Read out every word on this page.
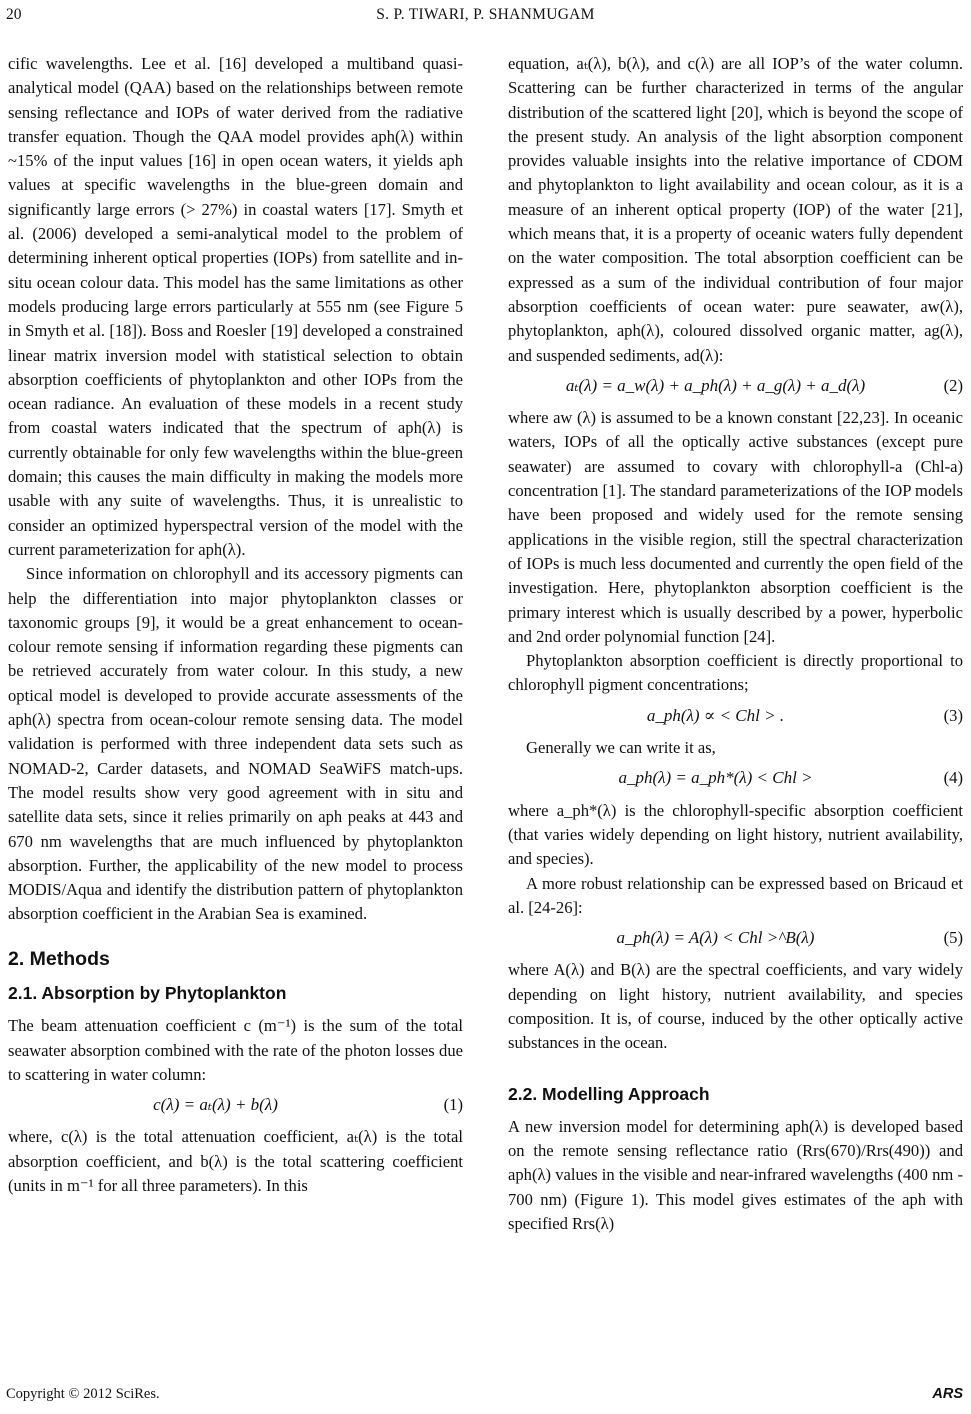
20	S. P. TIWARI, P. SHANMUGAM

cific wavelengths. Lee et al. [16] developed a multiband quasi-analytical model (QAA) based on the relationships between remote sensing reflectance and IOPs of water derived from the radiative transfer equation. Though the QAA model provides aph(λ) within ~15% of the input values [16] in open ocean waters, it yields aph values at specific wavelengths in the blue-green domain and significantly large errors (> 27%) in coastal waters [17]. Smyth et al. (2006) developed a semi-analytical model to the problem of determining inherent optical properties (IOPs) from satellite and in-situ ocean colour data. This model has the same limitations as other models producing large errors particularly at 555 nm (see Figure 5 in Smyth et al. [18]). Boss and Roesler [19] developed a constrained linear matrix inversion model with statistical selection to obtain absorption coefficients of phytoplankton and other IOPs from the ocean radiance. An evaluation of these models in a recent study from coastal waters indicated that the spectrum of aph(λ) is currently obtainable for only few wavelengths within the blue-green domain; this causes the main difficulty in making the models more usable with any suite of wavelengths. Thus, it is unrealistic to consider an optimized hyperspectral version of the model with the current parameterization for aph(λ).

Since information on chlorophyll and its accessory pigments can help the differentiation into major phytoplankton classes or taxonomic groups [9], it would be a great enhancement to ocean-colour remote sensing if information regarding these pigments can be retrieved accurately from water colour. In this study, a new optical model is developed to provide accurate assessments of the aph(λ) spectra from ocean-colour remote sensing data. The model validation is performed with three independent data sets such as NOMAD-2, Carder datasets, and NOMAD SeaWiFS match-ups. The model results show very good agreement with in situ and satellite data sets, since it relies primarily on aph peaks at 443 and 670 nm wavelengths that are much influenced by phytoplankton absorption. Further, the applicability of the new model to process MODIS/Aqua and identify the distribution pattern of phytoplankton absorption coefficient in the Arabian Sea is examined.

2. Methods
2.1. Absorption by Phytoplankton

The beam attenuation coefficient c (m⁻¹) is the sum of the total seawater absorption combined with the rate of the photon losses due to scattering in water column:

c(λ) = aₜ(λ) + b(λ)	(1)

where, c(λ) is the total attenuation coefficient, aₜ(λ) is the total absorption coefficient, and b(λ) is the total scattering coefficient (units in m⁻¹ for all three parameters). In this

equation, aₜ(λ), b(λ), and c(λ) are all IOP’s of the water column. Scattering can be further characterized in terms of the angular distribution of the scattered light [20], which is beyond the scope of the present study. An analysis of the light absorption component provides valuable insights into the relative importance of CDOM and phytoplankton to light availability and ocean colour, as it is a measure of an inherent optical property (IOP) of the water [21], which means that, it is a property of oceanic waters fully dependent on the water composition. The total absorption coefficient can be expressed as a sum of the individual contribution of four major absorption coefficients of ocean water: pure seawater, aw(λ), phytoplankton, aph(λ), coloured dissolved organic matter, ag(λ), and suspended sediments, ad(λ):

aₜ(λ) = a_w(λ) + a_ph(λ) + a_g(λ) + a_d(λ)	(2)

where aw (λ) is assumed to be a known constant [22,23]. In oceanic waters, IOPs of all the optically active substances (except pure seawater) are assumed to covary with chlorophyll-a (Chl-a) concentration [1]. The standard parameterizations of the IOP models have been proposed and widely used for the remote sensing applications in the visible region, still the spectral characterization of IOPs is much less documented and currently the open field of the investigation. Here, phytoplankton absorption coefficient is the primary interest which is usually described by a power, hyperbolic and 2nd order polynomial function [24].

Phytoplankton absorption coefficient is directly proportional to chlorophyll pigment concentrations;

a_ph(λ) ∝ < Chl > .	(3)

Generally we can write it as,

a_ph(λ) = a_ph*(λ) < Chl >	(4)

where a_ph*(λ) is the chlorophyll-specific absorption coefficient (that varies widely depending on light history, nutrient availability, and species).

A more robust relationship can be expressed based on Bricaud et al. [24-26]:

a_ph(λ) = A(λ) < Chl >^B(λ)	(5)

where A(λ) and B(λ) are the spectral coefficients, and vary widely depending on light history, nutrient availability, and species composition. It is, of course, induced by the other optically active substances in the ocean.

2.2. Modelling Approach

A new inversion model for determining aph(λ) is developed based on the remote sensing reflectance ratio (Rrs(670)/Rrs(490)) and aph(λ) values in the visible and near-infrared wavelengths (400 nm - 700 nm) (Figure 1). This model gives estimates of the aph with specified Rrs(λ)

Copyright © 2012 SciRes.	ARS
